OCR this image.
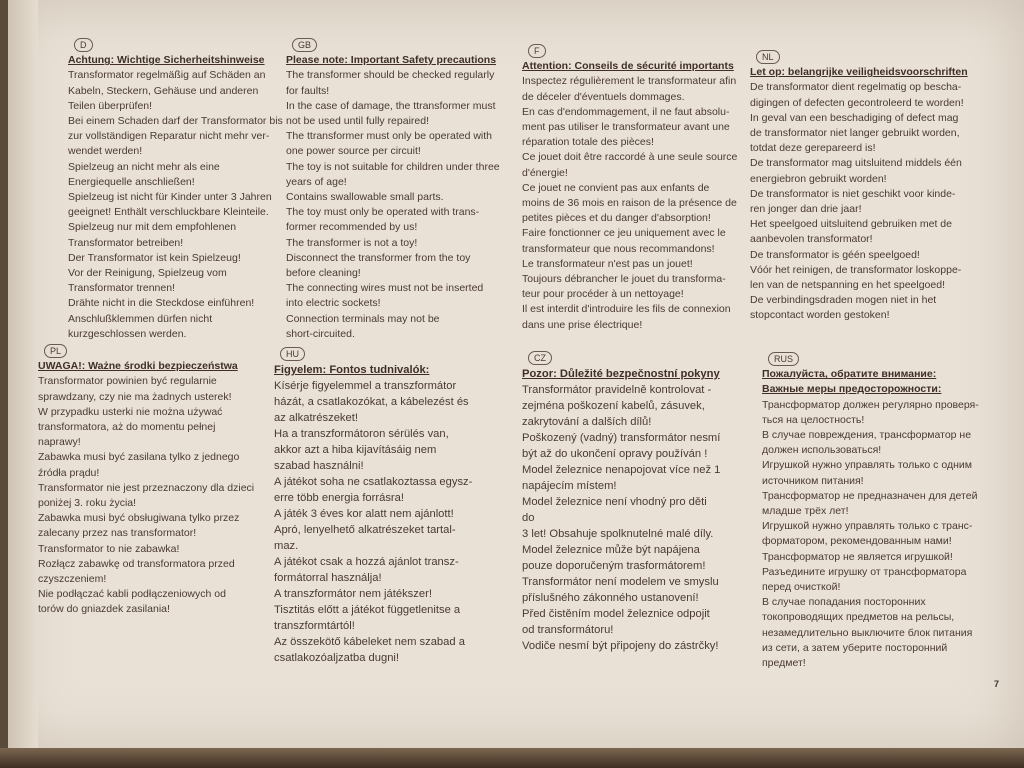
D
Achtung: Wichtige Sicherheitshinweise
Transformator regelmäßig auf Schäden an
Kabeln, Steckern, Gehäuse und anderen
Teilen überprüfen!
Bei einem Schaden darf der Transformator bis
zur vollständigen Reparatur nicht mehr ver-
wendet werden!
Spielzeug an nicht mehr als eine
Energiequelle anschließen!
Spielzeug ist nicht für Kinder unter 3 Jahren
geeignet! Enthält verschluckbare Kleinteile.
Spielzeug nur mit dem empfohlenen
Transformator betreiben!
Der Transformator ist kein Spielzeug!
Vor der Reinigung, Spielzeug vom
Transformator trennen!
Drähte nicht in die Steckdose einführen!
Anschlußklemmen dürfen nicht
kurzgeschlossen werden.
GB
Please note: Important Safety precautions
The transformer should be checked regularly
for faults!
In the case of damage, the ttransformer must
not be used until fully repaired!
The ttransformer must only be operated with
one power source per circuit!
The toy is not suitable for children under three
years of age!
Contains swallowable small parts.
The toy must only be operated with trans-
former recommended by us!
The transformer is not a toy!
Disconnect the transformer from the toy
before cleaning!
The connecting wires must not be inserted
into electric sockets!
Connection terminals may not be
short-circuited.
F
Attention: Conseils de sécurité importants
Inspectez régulièrement le transformateur afin
de déceler d'éventuels dommages.
En cas d'endommagement, il ne faut absolu-
ment pas utiliser le transformateur avant une
réparation totale des pièces!
Ce jouet doit être raccordé à une seule source
d'énergie!
Ce jouet ne convient pas aux enfants de
moins de 36 mois en raison de la présence de
petites pièces et du danger d'absorption!
Faire fonctionner ce jeu uniquement avec le
transformateur que nous recommandons!
Le transformateur n'est pas un jouet!
Toujours débrancher le jouet du transforma-
teur pour procéder à un nettoyage!
Il est interdit d'introduire les fils de connexion
dans une prise électrique!
NL
Let op: belangrijke veiligheidsvoorschriften
De transformator dient regelmatig op bescha-
digingen of defecten gecontroleerd te worden!
In geval van een beschadiging of defect mag
de transformator niet langer gebruikt worden,
totdat deze gerepareerd is!
De transformator mag uitsluitend middels één
energiebron gebruikt worden!
De transformator is niet geschikt voor kinde-
ren jonger dan drie jaar!
Het speelgoed uitsluitend gebruiken met de
aanbevolen transformator!
De transformator is géén speelgoed!
Vóór het reinigen, de transformator loskoppe-
len van de netspanning en het speelgoed!
De verbindingsdraden mogen niet in het
stopcontact worden gestoken!
PL
UWAGA!: Ważne środki bezpieczeństwa
Transformator powinien być regularnie
sprawdzany, czy nie ma żadnych usterek!
W przypadku usterki nie można używać
transformatora, aż do momentu pełnej
naprawy!
Zabawka musi być zasilana tylko z jednego
źródła prądu!
Transformator nie jest przeznaczony dla dzieci
poniżej 3. roku życia!
Zabawka musi być obsługiwana tylko przez
zalecany przez nas transformator!
Transformator to nie zabawka!
Rozłącz zabawkę od transformatora przed
czyszczeniem!
Nie podłączać kabli podłączeniowych od
torów do gniazdek zasilania!
HU
Figyelem: Fontos tudnivalók:
Kísérje figyelemmel a transzformátor
házát, a csatlakozókat, a kábelezést és
az alkatrészeket!
Ha a transzformátoron sérülés van,
akkor azt a hiba kijavításáig nem
szabad használni!
A játékot soha ne csatlakoztassa egysz-
erre több energia forrásra!
A játék 3 éves kor alatt nem ajánlott!
Apró, lenyelhető alkatrészeket tartal-
maz.
A játékot csak a hozzá ajánlot transz-
formátorral használja!
A transzformátor nem játékszer!
Tisztitás előtt a játékot függetlenitse a
transzformtártól!
Az összekötő kábeleket nem szabad a
csatlakozóaljzatba dugni!
CZ
Pozor: Důležité bezpečnostní pokyny
Transformátor pravidelně kontrolovat -
zejména poškození kabelů, zásuvek,
zakrytování a dalších dílů!
Poškozený (vadný) transformátor nesmí
být až do ukončení opravy používán !
Model železnice nenapojovat více než 1
napájecím místem!
Model železnice není vhodný pro děti
do
3 let! Obsahuje spolknutelné malé díly.
Model železnice může být napájena
pouze doporučeným trasformátorem!
Transformátor není modelem ve smyslu
příslušného zákonného ustanovení!
Před čistěním model železnice odpojit
od transformátoru!
Vodiče nesmí být připojeny do zástrčky!
RUS
Пожалуйста, обратите внимание:
Важные меры предосторожности:
Трансформатор должен регулярно проверя-
ться на целостность!
В случае повреждения, трансформатор не
должен использоваться!
Игрушкой нужно управлять только с одним
источником питания!
Трансформатор не предназначен для детей
младше трёх лет!
Игрушкой нужно управлять только с транс-
форматором, рекомендованным нами!
Трансформатор не является игрушкой!
Разъедините игрушку от трансформатора
перед очисткой!
В случае попадания посторонних
токопроводящих предметов на рельсы,
незамедлительно выключите блок питания
из сети, а затем уберите посторонний
предмет!
7
